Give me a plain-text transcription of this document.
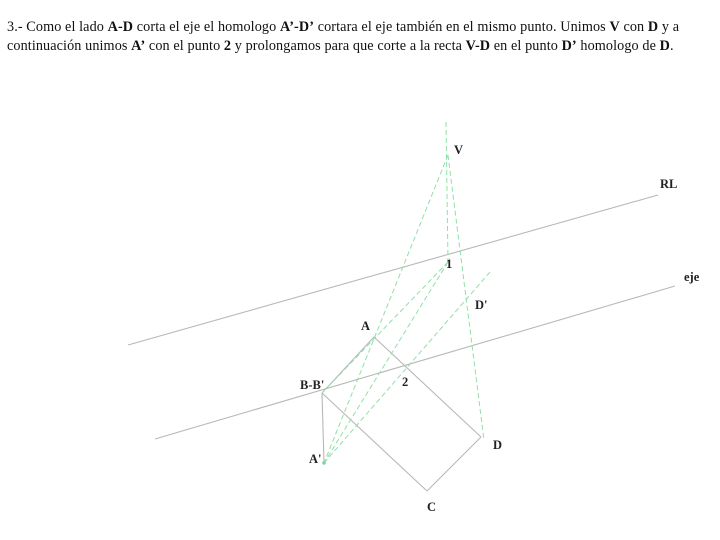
3.- Como el lado A-D corta el eje el homologo A’-D’ cortara el eje también en el mismo punto. Unimos V con D y a continuación unimos A’ con el punto 2 y prolongamos para que corte a la recta V-D en el punto D’ homologo de D.
V
RL
eje
1
D'
A
2
B-B'
D
A'
C
